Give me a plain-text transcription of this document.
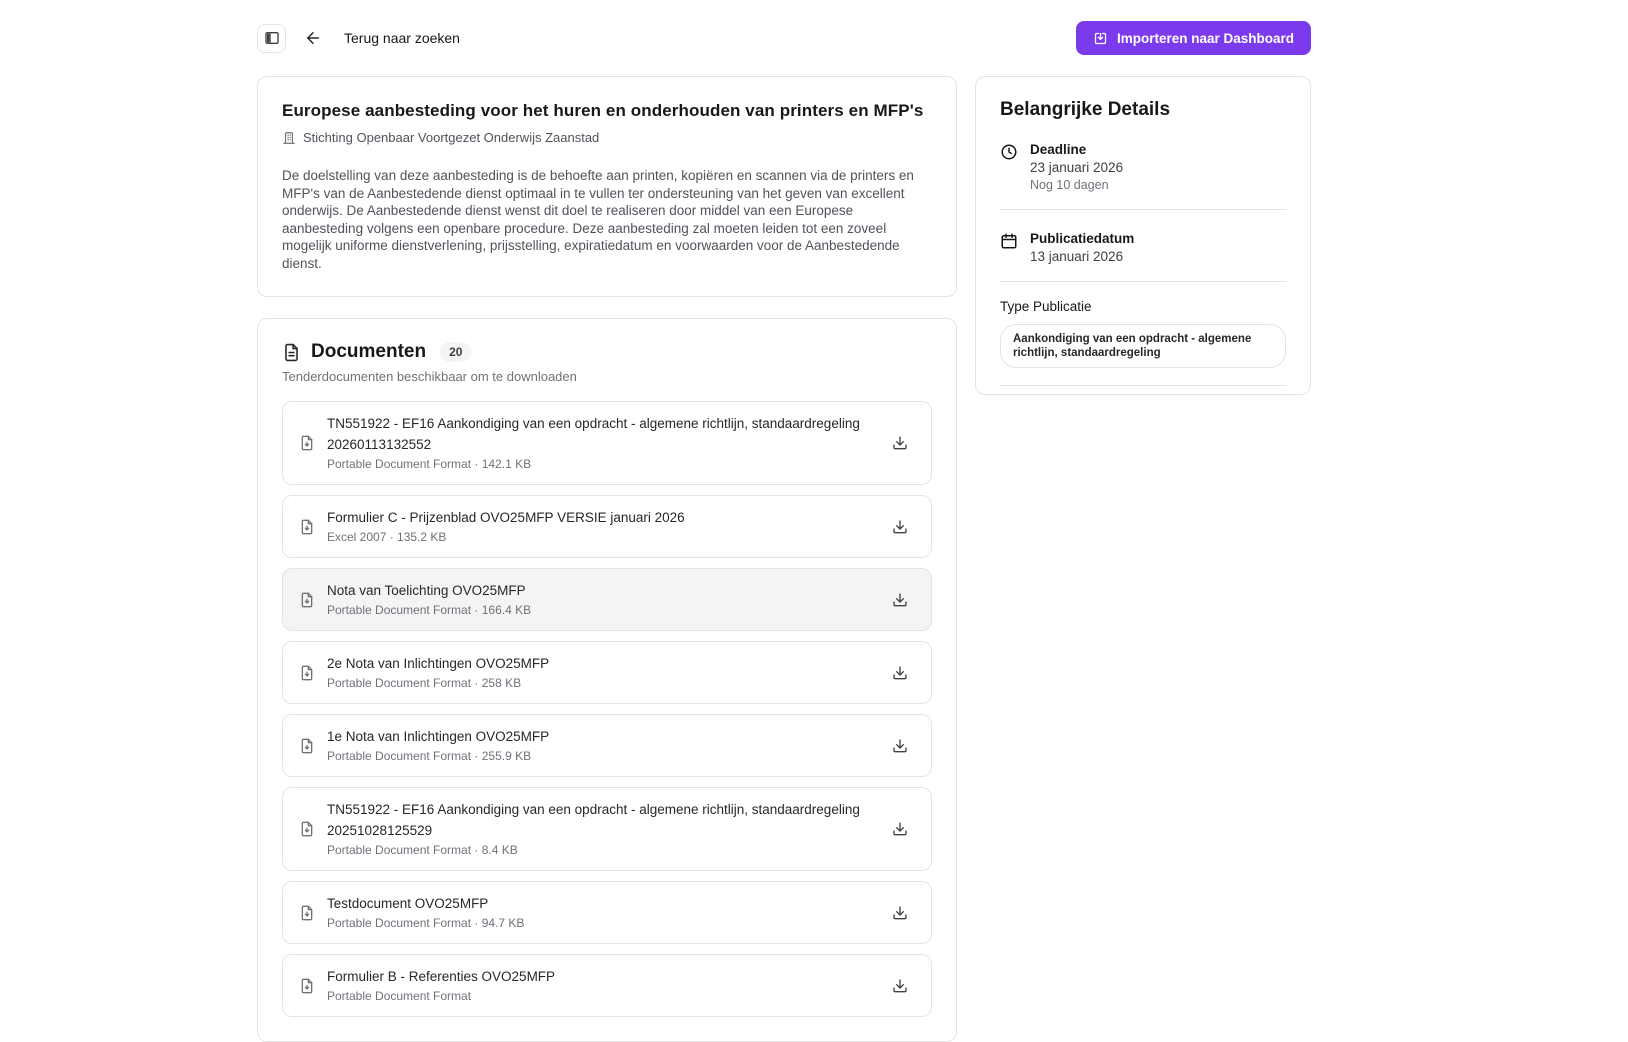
Terug naar zoeken	Importeren naar Dashboard
Europese aanbesteding voor het huren en onderhouden van printers en MFP's
Stichting Openbaar Voortgezet Onderwijs Zaanstad
De doelstelling van deze aanbesteding is de behoefte aan printen, kopiëren en scannen via de printers en MFP's van de Aanbestedende dienst optimaal in te vullen ter ondersteuning van het geven van excellent onderwijs. De Aanbestedende dienst wenst dit doel te realiseren door middel van een Europese aanbesteding volgens een openbare procedure. Deze aanbesteding zal moeten leiden tot een zoveel mogelijk uniforme dienstverlening, prijsstelling, expiratiedatum en voorwaarden voor de Aanbestedende dienst.
Documenten	20
Tenderdocumenten beschikbaar om te downloaden
TN551922 - EF16 Aankondiging van een opdracht - algemene richtlijn, standaardregeling 20260113132552
Portable Document Format · 142.1 KB
Formulier C - Prijzenblad OVO25MFP VERSIE januari 2026
Excel 2007 · 135.2 KB
Nota van Toelichting OVO25MFP
Portable Document Format · 166.4 KB
2e Nota van Inlichtingen OVO25MFP
Portable Document Format · 258 KB
1e Nota van Inlichtingen OVO25MFP
Portable Document Format · 255.9 KB
TN551922 - EF16 Aankondiging van een opdracht - algemene richtlijn, standaardregeling 20251028125529
Portable Document Format · 8.4 KB
Testdocument OVO25MFP
Portable Document Format · 94.7 KB
Formulier B - Referenties OVO25MFP
Portable Document Format
Belangrijke Details
Deadline
23 januari 2026
Nog 10 dagen
Publicatiedatum
13 januari 2026
Type Publicatie
Aankondiging van een opdracht - algemene richtlijn, standaardregeling
